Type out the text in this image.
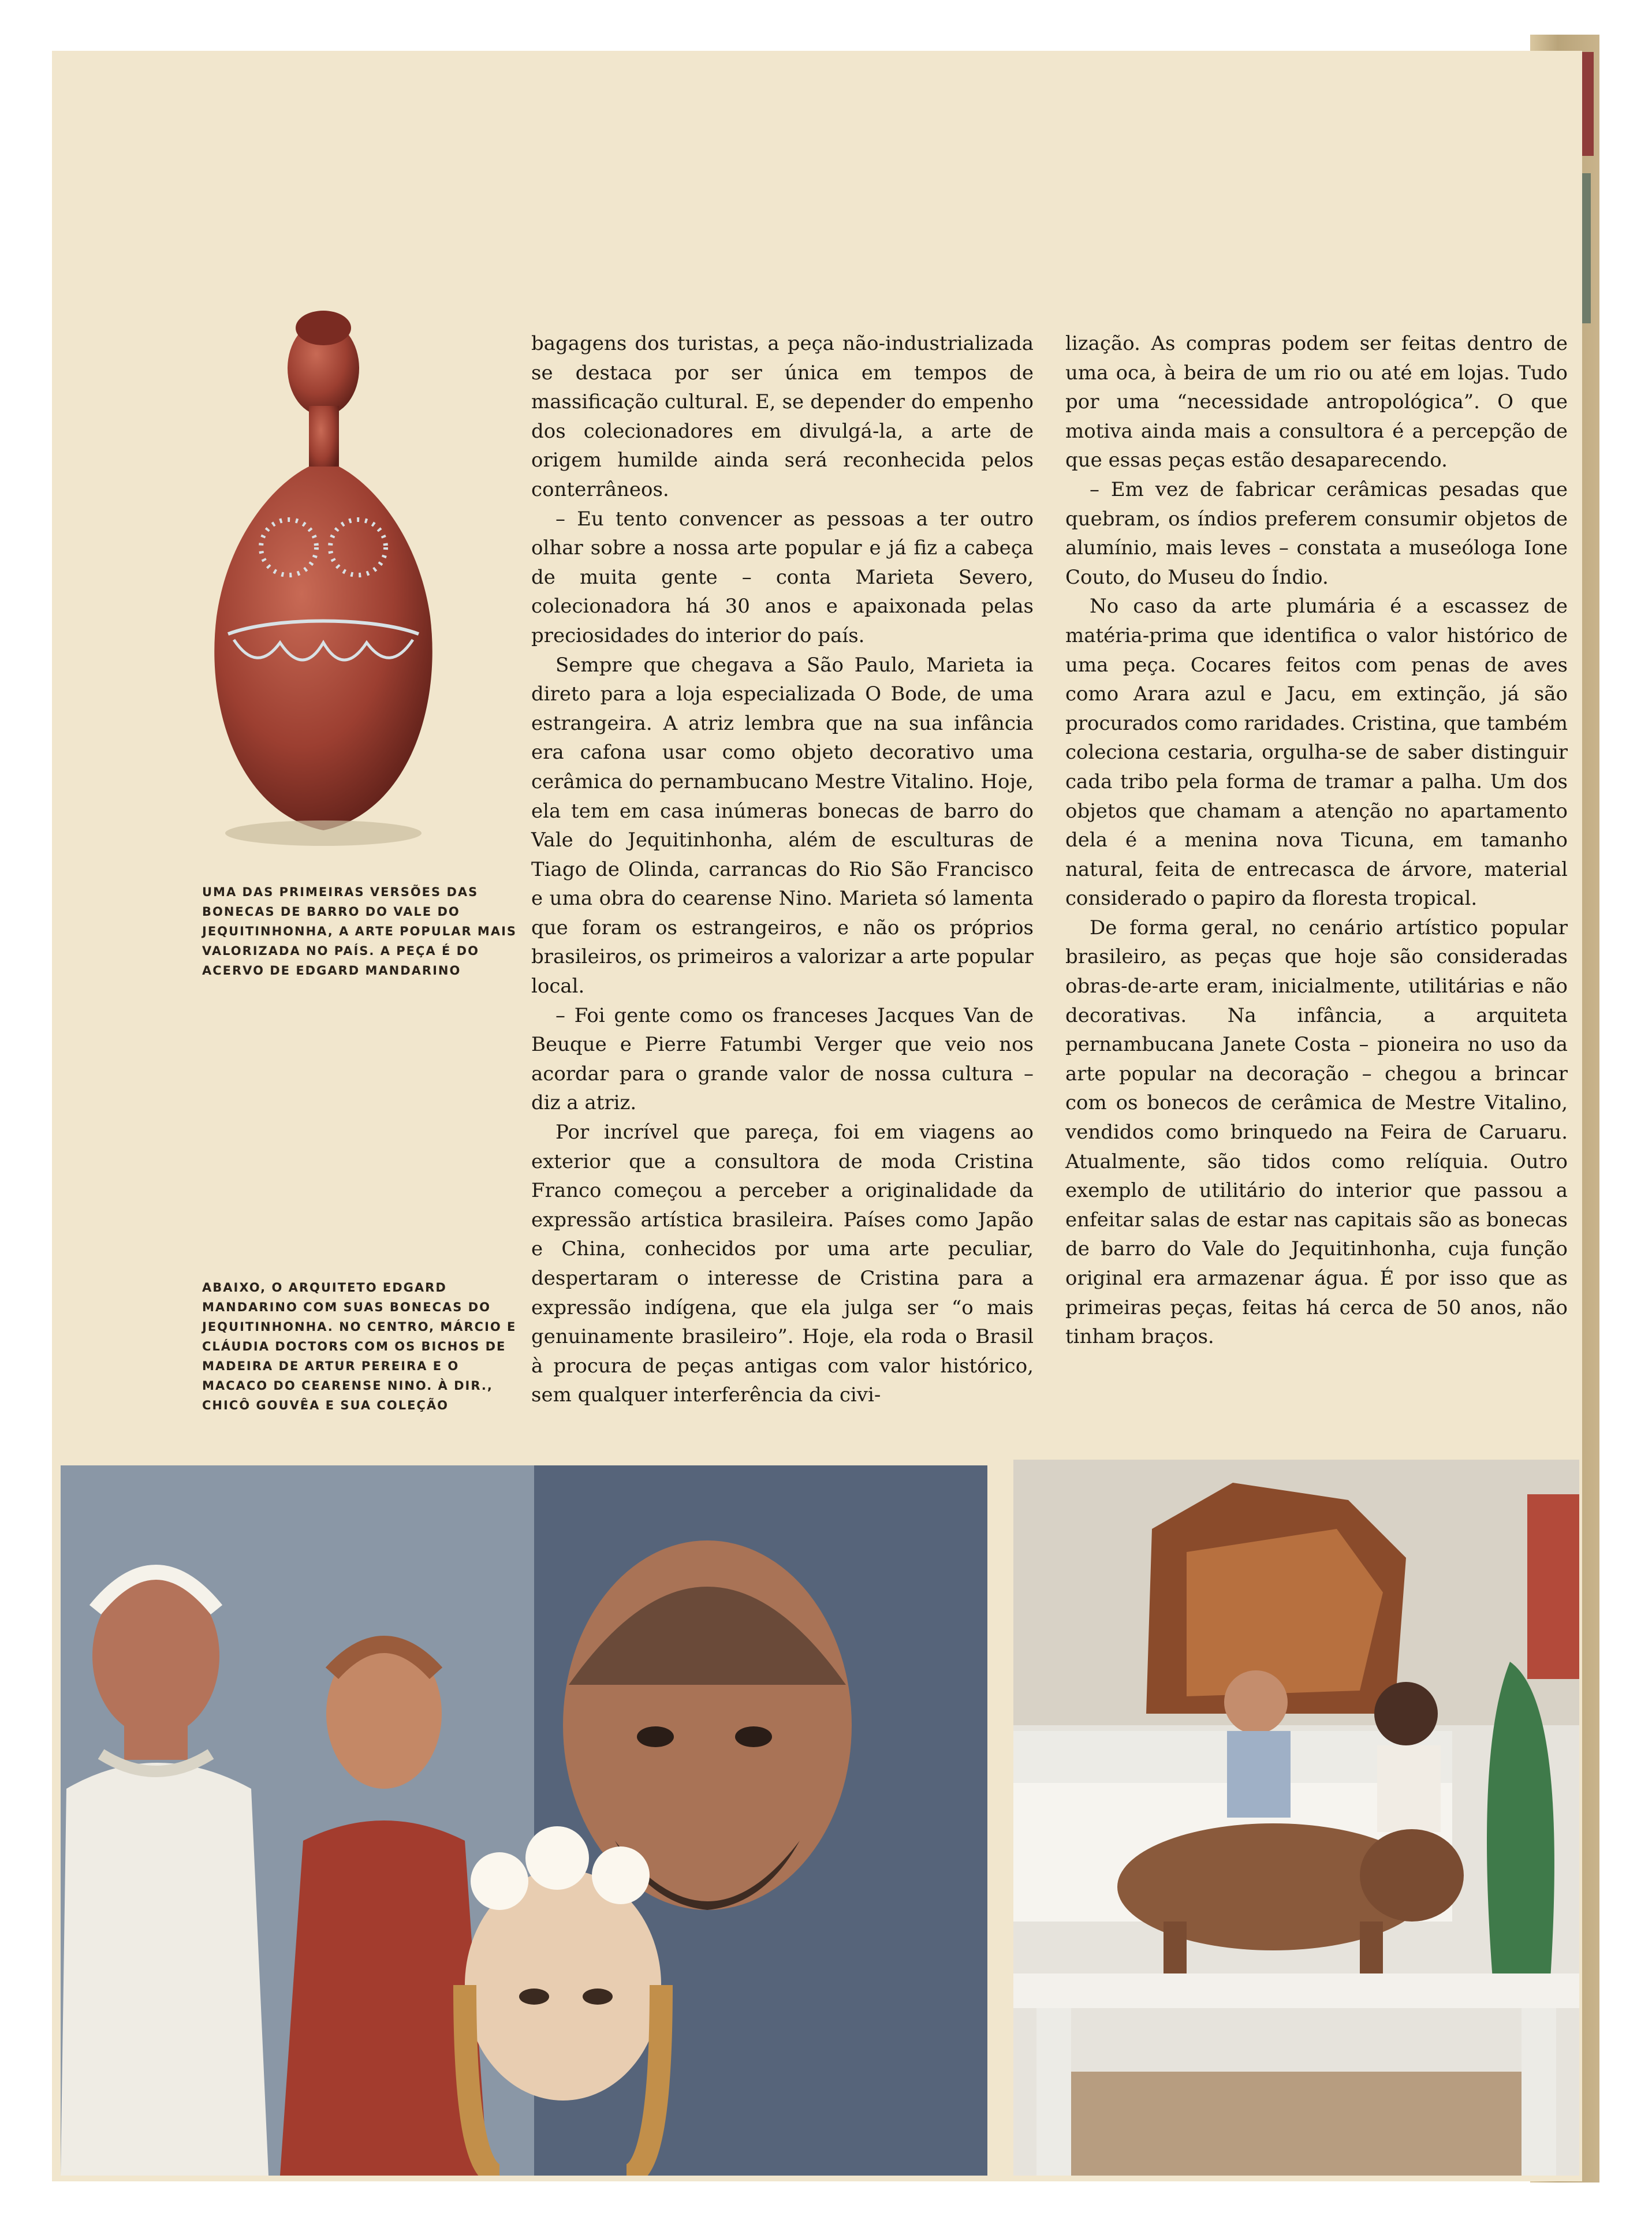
UMA DAS PRIMEIRAS VERSÕES DAS BONECAS DE BARRO DO VALE DO JEQUITINHONHA, A ARTE POPULAR MAIS VALORIZADA NO PAÍS. A PEÇA É DO ACERVO DE EDGARD MANDARINO

ABAIXO, O ARQUITETO EDGARD MANDARINO COM SUAS BONECAS DO JEQUITINHONHA. NO CENTRO, MÁRCIO E CLÁUDIA DOCTORS COM OS BICHOS DE MADEIRA DE ARTUR PEREIRA E O MACACO DO CEARENSE NINO. À DIR., CHICÔ GOUVÊA E SUA COLEÇÃO

bagagens dos turistas, a peça não-industrializada se destaca por ser única em tempos de massificação cultural. E, se depender do empenho dos colecionadores em divulgá-la, a arte de origem humilde ainda será reconhecida pelos conterrâneos.

– Eu tento convencer as pessoas a ter outro olhar sobre a nossa arte popular e já fiz a cabeça de muita gente – conta Marieta Severo, colecionadora há 30 anos e apaixonada pelas preciosidades do interior do país.

Sempre que chegava a São Paulo, Marieta ia direto para a loja especializada O Bode, de uma estrangeira. A atriz lembra que na sua infância era cafona usar como objeto decorativo uma cerâmica do pernambucano Mestre Vitalino. Hoje, ela tem em casa inúmeras bonecas de barro do Vale do Jequitinhonha, além de esculturas de Tiago de Olinda, carrancas do Rio São Francisco e uma obra do cearense Nino. Marieta só lamenta que foram os estrangeiros, e não os próprios brasileiros, os primeiros a valorizar a arte popular local.

– Foi gente como os franceses Jacques Van de Beuque e Pierre Fatumbi Verger que veio nos acordar para o grande valor de nossa cultura – diz a atriz.

Por incrível que pareça, foi em viagens ao exterior que a consultora de moda Cristina Franco começou a perceber a originalidade da expressão artística brasileira. Países como Japão e China, conhecidos por uma arte peculiar, despertaram o interesse de Cristina para a expressão indígena, que ela julga ser “o mais genuinamente brasileiro”. Hoje, ela roda o Brasil à procura de peças antigas com valor histórico, sem qualquer interferência da civi-

lização. As compras podem ser feitas dentro de uma oca, à beira de um rio ou até em lojas. Tudo por uma “necessidade antropológica”. O que motiva ainda mais a consultora é a percepção de que essas peças estão desaparecendo.

– Em vez de fabricar cerâmicas pesadas que quebram, os índios preferem consumir objetos de alumínio, mais leves – constata a museóloga Ione Couto, do Museu do Índio.

No caso da arte plumária é a escassez de matéria-prima que identifica o valor histórico de uma peça. Cocares feitos com penas de aves como Arara azul e Jacu, em extinção, já são procurados como raridades. Cristina, que também coleciona cestaria, orgulha-se de saber distinguir cada tribo pela forma de tramar a palha. Um dos objetos que chamam a atenção no apartamento dela é a menina nova Ticuna, em tamanho natural, feita de entrecasca de árvore, material considerado o papiro da floresta tropical.

De forma geral, no cenário artístico popular brasileiro, as peças que hoje são consideradas obras-de-arte eram, inicialmente, utilitárias e não decorativas. Na infância, a arquiteta pernambucana Janete Costa – pioneira no uso da arte popular na decoração – chegou a brincar com os bonecos de cerâmica de Mestre Vitalino, vendidos como brinquedo na Feira de Caruaru. Atualmente, são tidos como relíquia. Outro exemplo de utilitário do interior que passou a enfeitar salas de estar nas capitais são as bonecas de barro do Vale do Jequitinhonha, cuja função original era armazenar água. É por isso que as primeiras peças, feitas há cerca de 50 anos, não tinham braços.
